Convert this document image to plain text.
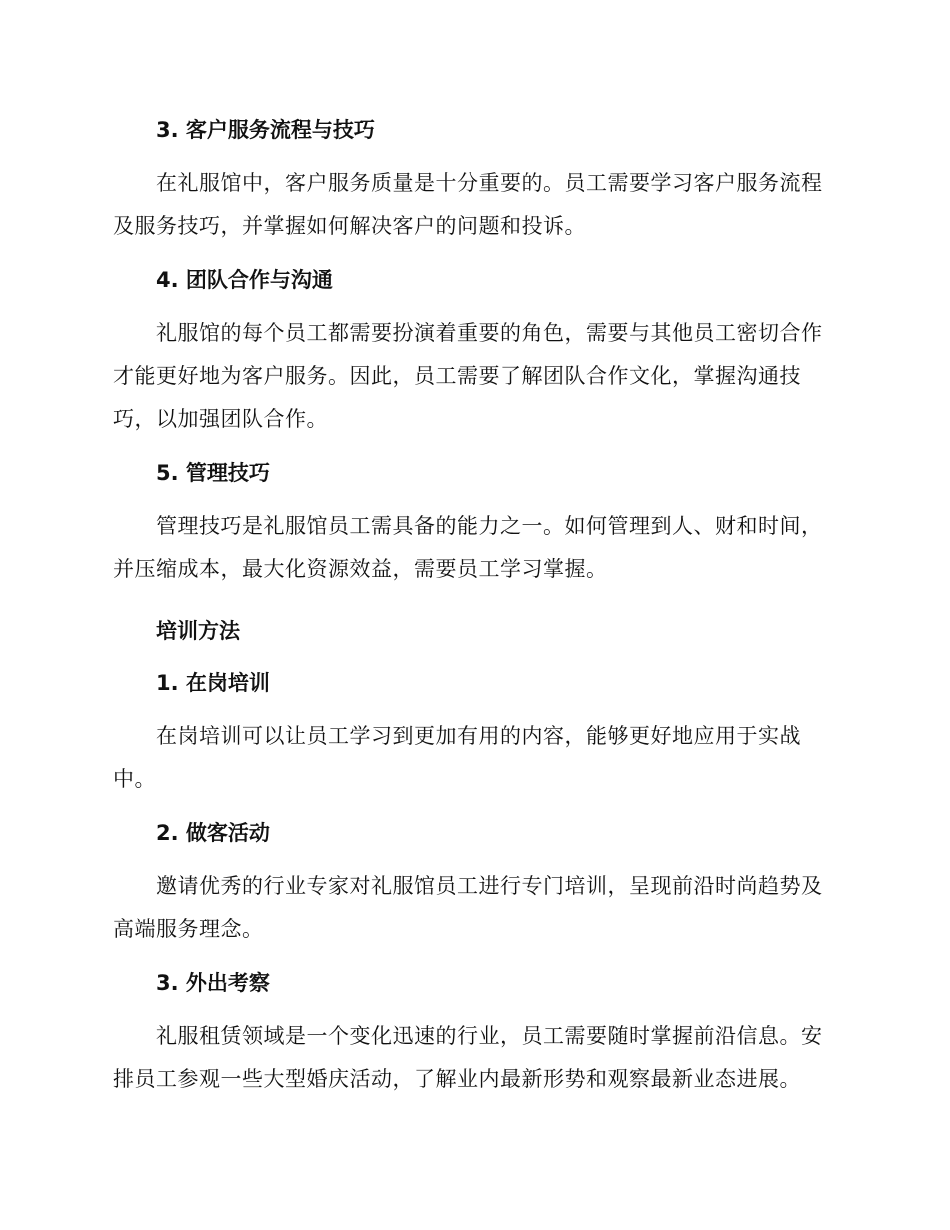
3. 客户服务流程与技巧

在礼服馆中，客户服务质量是十分重要的。员工需要学习客户服务流程及服务技巧，并掌握如何解决客户的问题和投诉。

4. 团队合作与沟通

礼服馆的每个员工都需要扮演着重要的角色，需要与其他员工密切合作才能更好地为客户服务。因此，员工需要了解团队合作文化，掌握沟通技巧，以加强团队合作。

5. 管理技巧

管理技巧是礼服馆员工需具备的能力之一。如何管理到人、财和时间，并压缩成本，最大化资源效益，需要员工学习掌握。

培训方法
1. 在岗培训

在岗培训可以让员工学习到更加有用的内容，能够更好地应用于实战中。

2. 做客活动

邀请优秀的行业专家对礼服馆员工进行专门培训，呈现前沿时尚趋势及高端服务理念。

3. 外出考察

礼服租赁领域是一个变化迅速的行业，员工需要随时掌握前沿信息。安排员工参观一些大型婚庆活动，了解业内最新形势和观察最新业态进展。
